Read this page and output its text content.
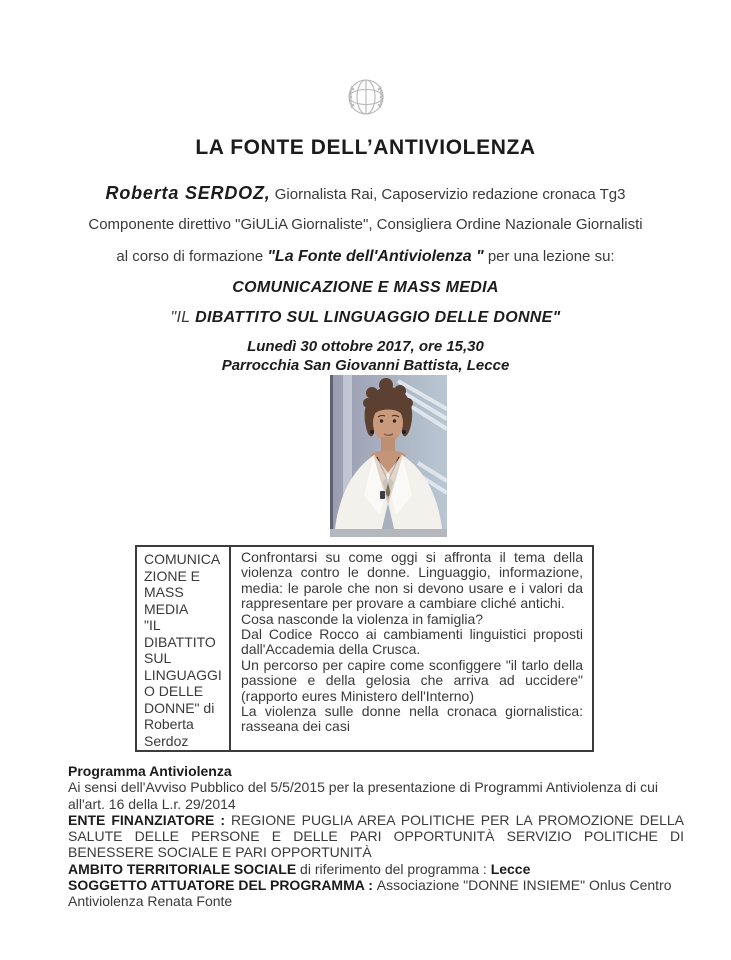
LA FONTE DELL’ANTIVIOLENZA
Roberta SERDOZ, Giornalista Rai, Caposervizio redazione cronaca Tg3
Componente direttivo "GiULiA Giornaliste", Consigliera Ordine Nazionale Giornalisti
al corso di formazione "La Fonte dell'Antiviolenza " per una lezione su:
COMUNICAZIONE E MASS MEDIA
"IL DIBATTITO SUL LINGUAGGIO DELLE DONNE"
Lunedì 30 ottobre 2017, ore 15,30
Parrocchia San Giovanni Battista, Lecce
COMUNICA
ZIONE E
MASS
MEDIA
"IL
DIBATTITO
SUL
LINGUAGGI
O DELLE
DONNE" di
Roberta
Serdoz

Confrontarsi su come oggi si affronta il tema della violenza contro le donne. Linguaggio, informazione, media: le parole che non si devono usare e i valori da rappresentare per provare a cambiare cliché antichi.

Cosa nasconde la violenza in famiglia?

Dal Codice Rocco ai cambiamenti linguistici proposti dall'Accademia della Crusca.

Un percorso per capire come sconfiggere "il tarlo della passione e della gelosia che arriva ad uccidere" (rapporto eures Ministero dell'Interno)

La violenza sulle donne nella cronaca giornalistica: rasseana dei casi

Programma Antiviolenza
Ai sensi dell'Avviso Pubblico del 5/5/2015 per la presentazione di Programmi Antiviolenza di cui all'art. 16 della L.r. 29/2014
ENTE FINANZIATORE : REGIONE PUGLIA AREA POLITICHE PER LA PROMOZIONE DELLA SALUTE DELLE PERSONE E DELLE PARI OPPORTUNITÀ SERVIZIO POLITICHE DI BENESSERE SOCIALE E PARI OPPORTUNITÀ
AMBITO TERRITORIALE SOCIALE di riferimento del programma : Lecce
SOGGETTO ATTUATORE DEL PROGRAMMA : Associazione "DONNE INSIEME" Onlus Centro Antiviolenza Renata Fonte
